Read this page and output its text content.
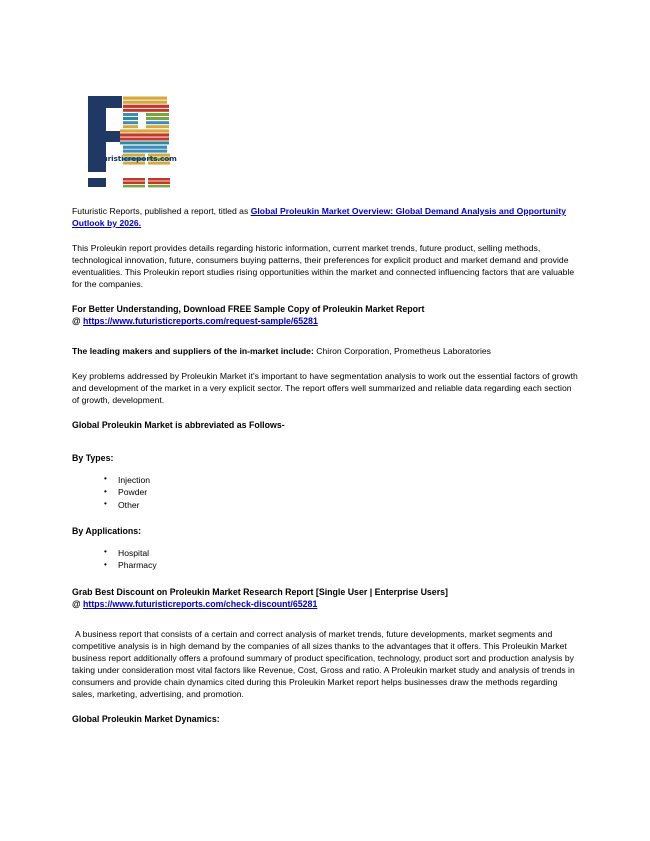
futuristicreports.com

Futuristic Reports, published a report, titled as Global Proleukin Market Overview: Global Demand Analysis and Opportunity Outlook by 2026.

This Proleukin report provides details regarding historic information, current market trends, future product, selling methods, technological innovation, future, consumers buying patterns, their preferences for explicit product and market demand and provide eventualities. This Proleukin report studies rising opportunities within the market and connected influencing factors that are valuable for the companies.

For Better Understanding, Download FREE Sample Copy of Proleukin Market Report
@ https://www.futuristicreports.com/request-sample/65281

The leading makers and suppliers of the in-market include: Chiron Corporation, Prometheus Laboratories

Key problems addressed by Proleukin Market it's important to have segmentation analysis to work out the essential factors of growth and development of the market in a very explicit sector. The report offers well summarized and reliable data regarding each section of growth, development.

Global Proleukin Market is abbreviated as Follows-
By Types:
• Injection
• Powder
• Other
By Applications:
• Hospital
• Pharmacy
Grab Best Discount on Proleukin Market Research Report [Single User | Enterprise Users]
@ https://www.futuristicreports.com/check-discount/65281

A business report that consists of a certain and correct analysis of market trends, future developments, market segments and competitive analysis is in high demand by the companies of all sizes thanks to the advantages that it offers. This Proleukin Market business report additionally offers a profound summary of product specification, technology, product sort and production analysis by taking under consideration most vital factors like Revenue, Cost, Gross and ratio. A Proleukin market study and analysis of trends in consumers and provide chain dynamics cited during this Proleukin Market report helps businesses draw the methods regarding sales, marketing, advertising, and promotion.

Global Proleukin Market Dynamics:
